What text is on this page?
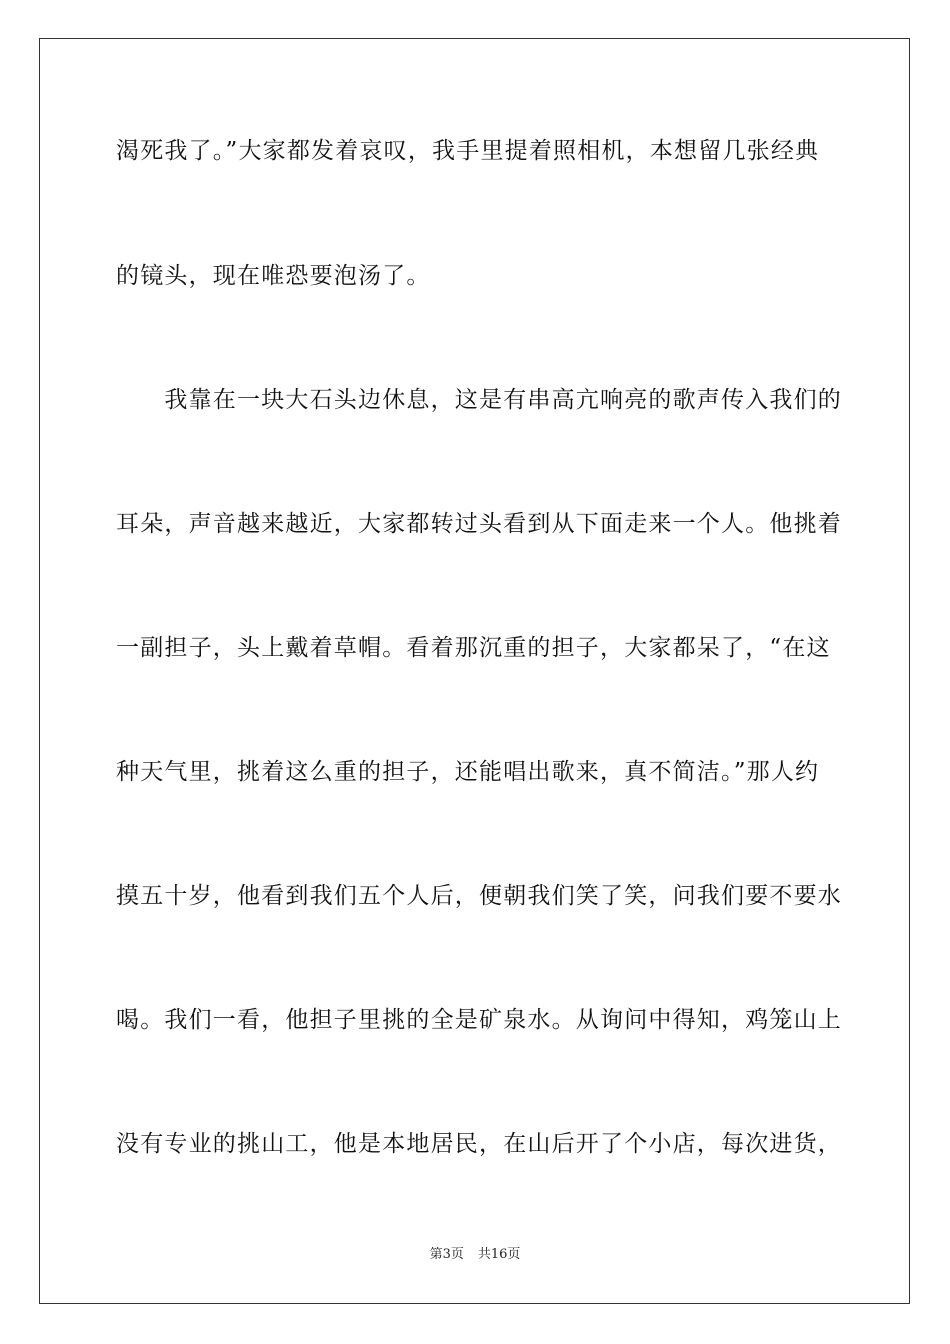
渴死我了。”大家都发着哀叹，我手里提着照相机，本想留几张经典
的镜头，现在唯恐要泡汤了。
　　我靠在一块大石头边休息，这是有串高亢响亮的歌声传入我们的
耳朵，声音越来越近，大家都转过头看到从下面走来一个人。他挑着
一副担子，头上戴着草帽。看着那沉重的担子，大家都呆了，“在这
种天气里，挑着这么重的担子，还能唱出歌来，真不简洁。”那人约
摸五十岁，他看到我们五个人后，便朝我们笑了笑，问我们要不要水
喝。我们一看，他担子里挑的全是矿泉水。从询问中得知，鸡笼山上
没有专业的挑山工，他是本地居民，在山后开了个小店，每次进货，
第3页 共16页
